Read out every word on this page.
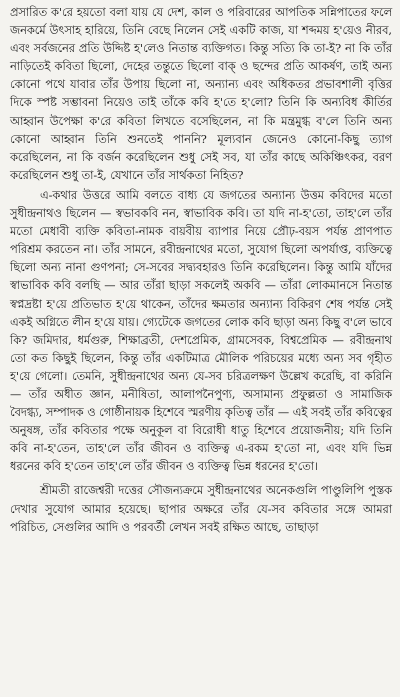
প্রসারিত ক'রে হয়তো বলা যায় যে দেশ, কাল ও পরিবারের আপতিক সন্নিপাতের ফলে জনকর্মে উৎসাহ হারিয়ে, তিনি বেছে নিলেন সেই একটি কাজ, যা শব্দময় হ'য়েও নীরব, এবং সর্বজনের প্রতি উদ্দিষ্ট হ'লেও নিতান্ত ব্যক্তিগত। কিন্তু সত্যি কি তা-ই? না কি তাঁর নাড়িতেই কবিতা ছিলো, দেহের তন্তুতে ছিলো বাক্ ও ছন্দের প্রতি আকর্ষণ, তাই অন্য কোনো পথে যাবার তাঁর উপায় ছিলো না, অন্যান্য এবং অধিকতর প্রভাবশালী বৃত্তির দিকে স্পষ্ট সম্ভাবনা নিয়েও তাই তাঁকে কবি হ'তে হ'লো? তিনি কি অন্যবিধ কীর্তির আহ্বান উপেক্ষা ক'রে কবিতা লিখতে বসেছিলেন, না কি মন্ত্রমুগ্ধ ব'লে তিনি অন্য কোনো আহ্বান তিনি শুনতেই পাননি? মূল্যবান জেনেও কোনো-কিছু ত্যাগ করেছিলেন, না কি বর্জন করেছিলেন শুধু সেই সব, যা তাঁর কাছে অকিঞ্চিৎকর, বরণ করেছিলেন শুধু তা-ই, যেখানে তাঁর সার্থকতা নিহিত?

এ-কথার উত্তরে আমি বলতে বাধ্য যে জগতের অন্যান্য উত্তম কবিদের মতো সুধীন্দ্রনাথও ছিলেন — স্বভাবকবি নন, স্বাভাবিক কবি। তা যদি না-হ'তো, তাহ'লে তাঁর মতো মেধাবী ব্যক্তি কবিতা-নামক বায়বীয় ব্যাপার নিয়ে প্রৌঢ়-বয়স পর্যন্ত প্রাণপাত পরিশ্রম করতেন না। তাঁর সামনে, রবীন্দ্রনাথের মতো, সুযোগ ছিলো অপর্যাপ্ত, ব্যক্তিত্বে ছিলো অন্য নানা গুণপনা; সে-সবের সদ্ব্যবহারও তিনি করেছিলেন। কিন্তু আমি যাঁদের স্বাভাবিক কবি বলছি — আর তাঁরা ছাড়া সকলেই অকবি — তাঁরা লোকমানসে নিতান্ত স্বপ্নদ্রষ্টা হ'য়ে প্রতিভাত হ'য়ে থাকেন, তাঁদের ক্ষমতার অন্যান্য বিকিরণ শেষ পর্যন্ত সেই একই অগ্নিতে লীন হ'য়ে যায়। গ্যেটেকে জগতের লোক কবি ছাড়া অন্য কিছু ব'লে ভাবে কি? জমিদার, ধর্মগুরু, শিক্ষাব্রতী, দেশপ্রেমিক, গ্রামসেবক, বিশ্বপ্রেমিক — রবীন্দ্রনাথ তো কত কিছুই ছিলেন, কিন্তু তাঁর একটিমাত্র মৌলিক পরিচয়ের মধ্যে অন্য সব গৃহীত হ'য়ে গেলো। তেমনি, সুধীন্দ্রনাথের অন্য যে-সব চরিত্রলক্ষণ উল্লেখ করেছি, বা করিনি — তাঁর অধীত জ্ঞান, মনীষিতা, আলাপনৈপুণ্য, অসামান্য প্রফুল্লতা ও সামাজিক বৈদগ্ধ্য, সম্পাদক ও গোষ্ঠীনায়ক হিশেবে স্মরণীয় কৃতিত্ব তাঁর — এই সবই তাঁর কবিত্বের অনুষঙ্গ, তাঁর কবিতার পক্ষে অনুকূল বা বিরোধী ধাতু হিশেবে প্রয়োজনীয়; যদি তিনি কবি না-হ'তেন, তাহ'লে তাঁর জীবন ও ব্যক্তিত্ব এ-রকম হ'তো না, এবং যদি ভিন্ন ধরনের কবি হ'তেন তাহ'লে তাঁর জীবন ও ব্যক্তিত্ব ভিন্ন ধরনের হ'তো।

শ্রীমতী রাজেশ্বরী দত্তের সৌজন্যক্রমে সুধীন্দ্রনাথের অনেকগুলি পাণ্ডুলিপি পুস্তক দেখার সুযোগ আমার হয়েছে। ছাপার অক্ষরে তাঁর যে-সব কবিতার সঙ্গে আমরা পরিচিত, সেগুলির আদি ও পরবর্তী লেখন সবই রক্ষিত আছে, তাছাড়া
